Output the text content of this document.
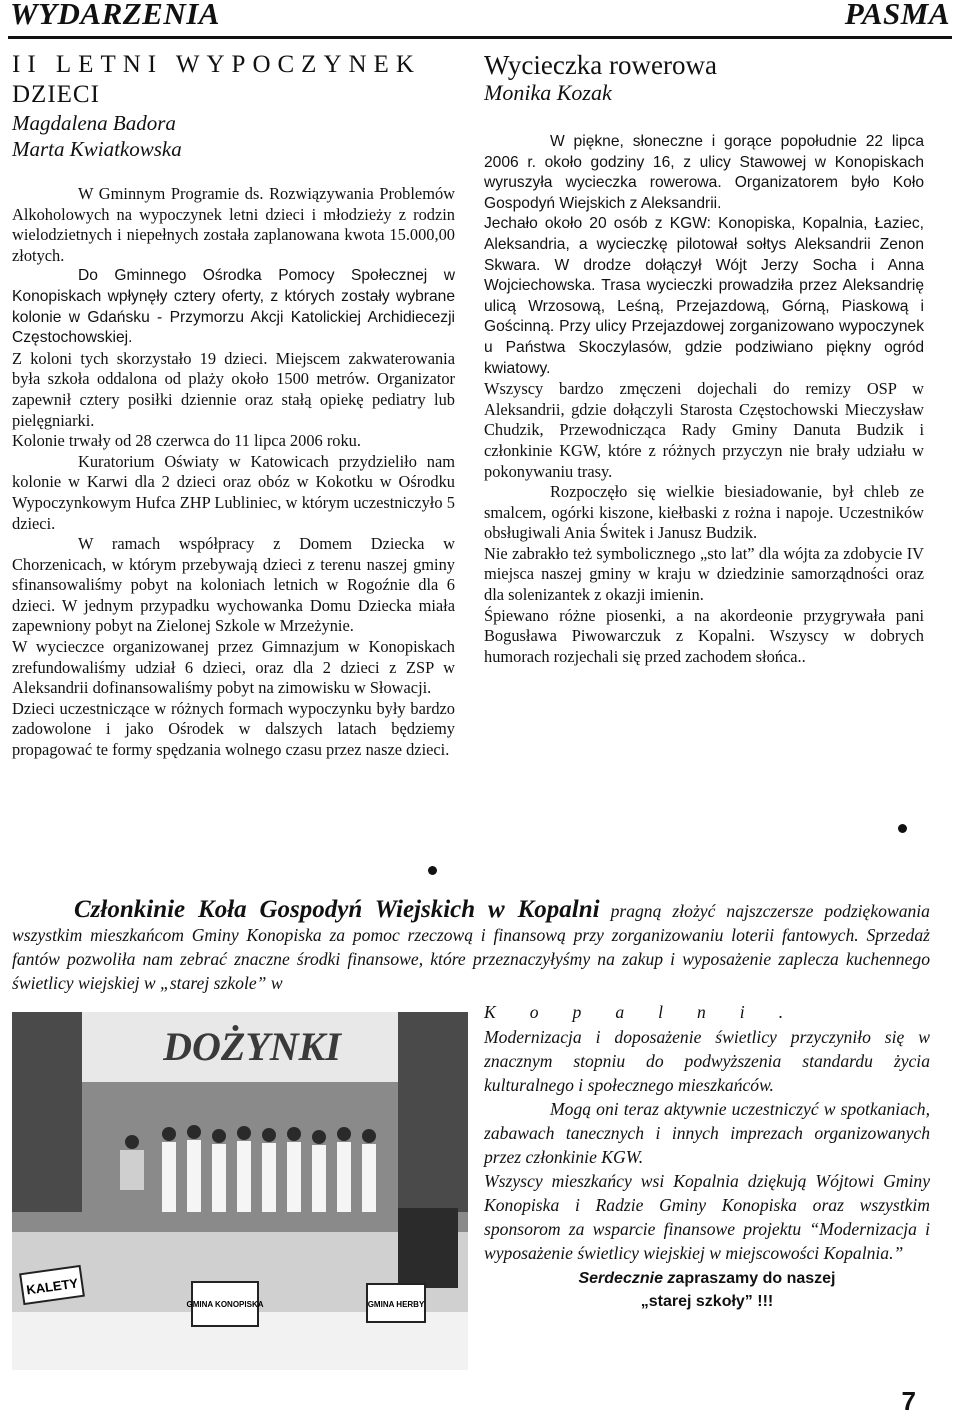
WYDARZENIA	PASMA
II LETNI WYPOCZYNEK
DZIECI
Magdalena Badora
Marta Kwiatkowska

W Gminnym Programie ds. Rozwiązywania Problemów Alkoholowych na wypoczynek letni dzieci i młodzieży z rodzin wielodzietnych i niepełnych została zaplanowana kwota 15.000,00 złotych.

Do Gminnego Ośrodka Pomocy Społecznej w Konopiskach wpłynęły cztery oferty, z których zostały wybrane kolonie w Gdańsku - Przymorzu Akcji Katolickiej Archidiecezji Częstochowskiej.

Z koloni tych skorzystało 19 dzieci. Miejscem zakwaterowania była szkoła oddalona od plaży około 1500 metrów. Organizator zapewnił cztery posiłki dziennie oraz stałą opiekę pediatry lub pielęgniarki.

Kolonie trwały od 28 czerwca do 11 lipca 2006 roku.

Kuratorium Oświaty w Katowicach przydzieliło nam kolonie w Karwi dla 2 dzieci oraz obóz w Kokotku w Ośrodku Wypoczynkowym Hufca ZHP Lubliniec, w którym uczestniczyło 5 dzieci.

W ramach współpracy z Domem Dziecka w Chorzenicach, w którym przebywają dzieci z terenu naszej gminy sfinansowaliśmy pobyt na koloniach letnich w Rogoźnie dla 6 dzieci. W jednym przypadku wychowanka Domu Dziecka miała zapewniony pobyt na Zielonej Szkole w Mrzeżynie.

W wycieczce organizowanej przez Gimnazjum w Konopiskach zrefundowaliśmy udział 6 dzieci, oraz dla 2 dzieci z ZSP w Aleksandrii dofinansowaliśmy pobyt na zimowisku w Słowacji.

Dzieci uczestniczące w różnych formach wypoczynku były bardzo zadowolone i jako Ośrodek w dalszych latach będziemy propagować te formy spędzania wolnego czasu przez nasze dzieci.

Wycieczka rowerowa
Monika Kozak

W piękne, słoneczne i gorące popołudnie 22 lipca 2006 r. około godziny 16, z ulicy Stawowej w Konopiskach wyruszyła wycieczka rowerowa. Organizatorem było Koło Gospodyń Wiejskich z Aleksandrii.

Jechało około 20 osób z KGW: Konopiska, Kopalnia, Łaziec, Aleksandria, a wycieczkę pilotował sołtys Aleksandrii Zenon Skwara. W drodze dołączył Wójt Jerzy Socha i Anna Wojciechowska. Trasa wycieczki prowadziła przez Aleksandrię ulicą Wrzosową, Leśną, Przejazdową, Górną, Piaskową i Gościnną. Przy ulicy Przejazdowej zorganizowano wypoczynek u Państwa Skoczylasów, gdzie podziwiano piękny ogród kwiatowy.

Wszyscy bardzo zmęczeni dojechali do remizy OSP w Aleksandrii, gdzie dołączyli Starosta Częstochowski Mieczysław Chudzik, Przewodnicząca Rady Gminy Danuta Budzik i członkinie KGW, które z różnych przyczyn nie brały udziału w pokonywaniu trasy.

Rozpoczęło się wielkie biesiadowanie, był chleb ze smalcem, ogórki kiszone, kiełbaski z rożna i napoje. Uczestników obsługiwali Ania Świtek i Janusz Budzik.

Nie zabrakło też symbolicznego „sto lat” dla wójta za zdobycie IV miejsca naszej gminy w kraju w dziedzinie samorządności oraz dla solenizantek z okazji imienin.

Śpiewano różne piosenki, a na akordeonie przygrywała pani Bogusława Piwowarczuk z Kopalni. Wszyscy w dobrych humorach rozjechali się przed zachodem słońca..

Członkinie Koła Gospodyń Wiejskich w Kopalni pragną złożyć najszczersze podziękowania wszystkim mieszkańcom Gminy Konopiska za pomoc rzeczową i finansową przy zorganizowaniu loterii fantowych. Sprzedaż fantów pozwoliła nam zebrać znaczne środki finansowe, które przeznaczyłyśmy na zakup i wyposażenie zaplecza kuchennego świetlicy wiejskiej w „starej szkole” w
Kopalni.
KALETY
GMINA KONOPISKA	GMINA HERBY
DOŻYNKI	Modernizacja i doposażenie świetlicy przyczyniło się w znacznym stopniu do podwyższenia standardu życia kulturalnego i społecznego mieszkańców.

Mogą oni teraz aktywnie uczestniczyć w spotkaniach, zabawach tanecznych i innych imprezach organizowanych przez członkinie KGW.

Wszyscy mieszkańcy wsi Kopalnia dziękują Wójtowi Gminy Konopiska i Radzie Gminy Konopiska oraz wszystkim sponsorom za wsparcie finansowe projektu “Modernizacja i wyposażenie świetlicy wiejskiej w miejscowości Kopalnia.”

Serdecznie zapraszamy do naszej
„starej szkoły” !!!
7
